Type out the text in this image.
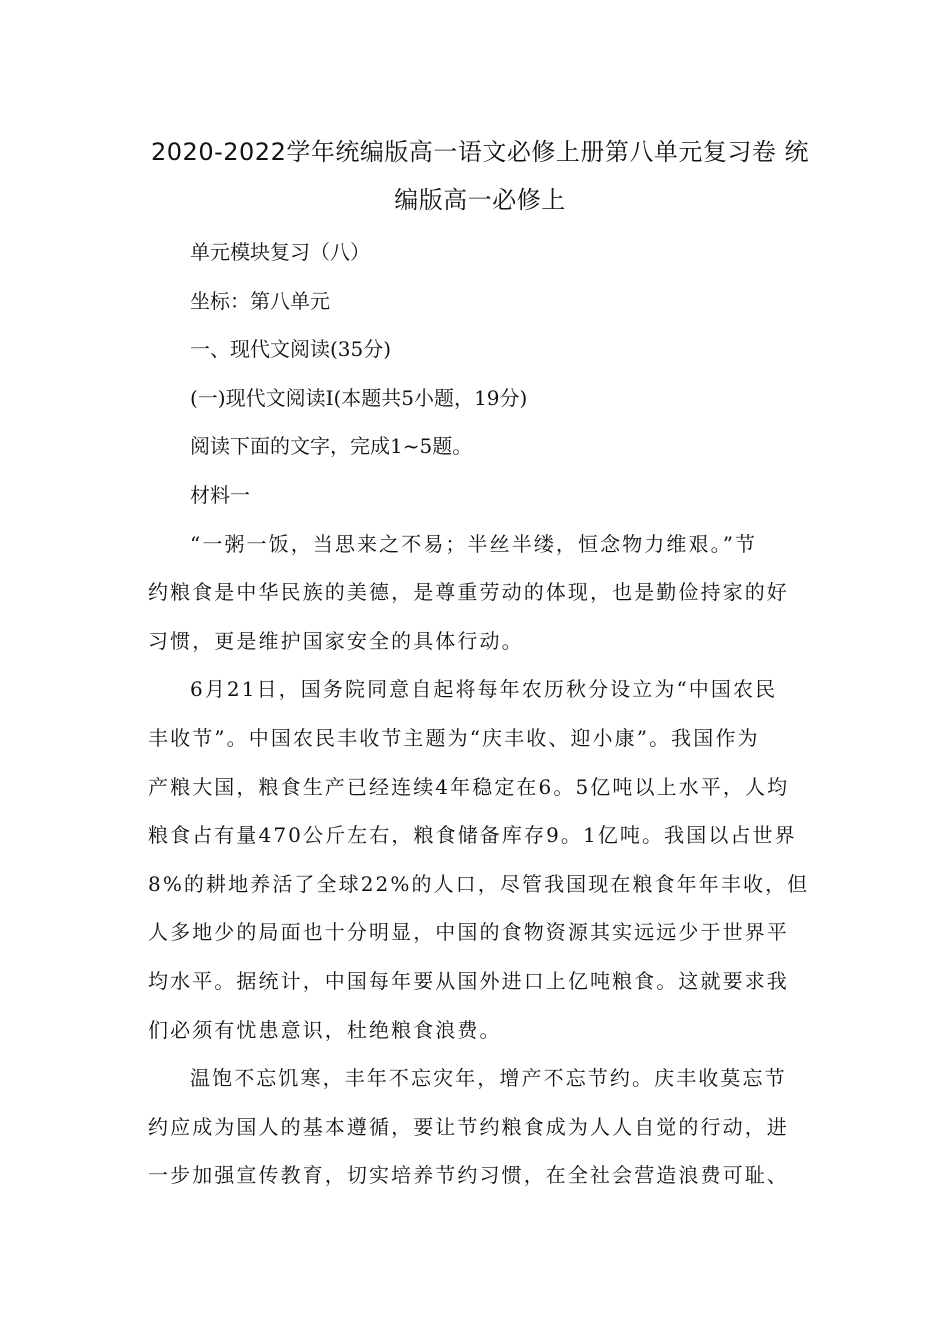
2020-2022学年统编版高一语文必修上册第八单元复习卷 统
编版高一必修上

单元模块复习（八）

坐标：第八单元

一、现代文阅读(35分)

(一)现代文阅读Ⅰ(本题共5小题，19分)

阅读下面的文字，完成1~5题。

材料一

“一粥一饭，当思来之不易；半丝半缕，恒念物力维艰。”节
约粮食是中华民族的美德，是尊重劳动的体现，也是勤俭持家的好
习惯，更是维护国家安全的具体行动。

6月21日，国务院同意自起将每年农历秋分设立为“中国农民
丰收节”。中国农民丰收节主题为“庆丰收、迎小康”。我国作为
产粮大国，粮食生产已经连续4年稳定在6。5亿吨以上水平，人均
粮食占有量470公斤左右，粮食储备库存9。1亿吨。我国以占世界
8%的耕地养活了全球22%的人口，尽管我国现在粮食年年丰收，但
人多地少的局面也十分明显，中国的食物资源其实远远少于世界平
均水平。据统计，中国每年要从国外进口上亿吨粮食。这就要求我
们必须有忧患意识，杜绝粮食浪费。

温饱不忘饥寒，丰年不忘灾年，增产不忘节约。庆丰收莫忘节
约应成为国人的基本遵循，要让节约粮食成为人人自觉的行动，进
一步加强宣传教育，切实培养节约习惯，在全社会营造浪费可耻、
